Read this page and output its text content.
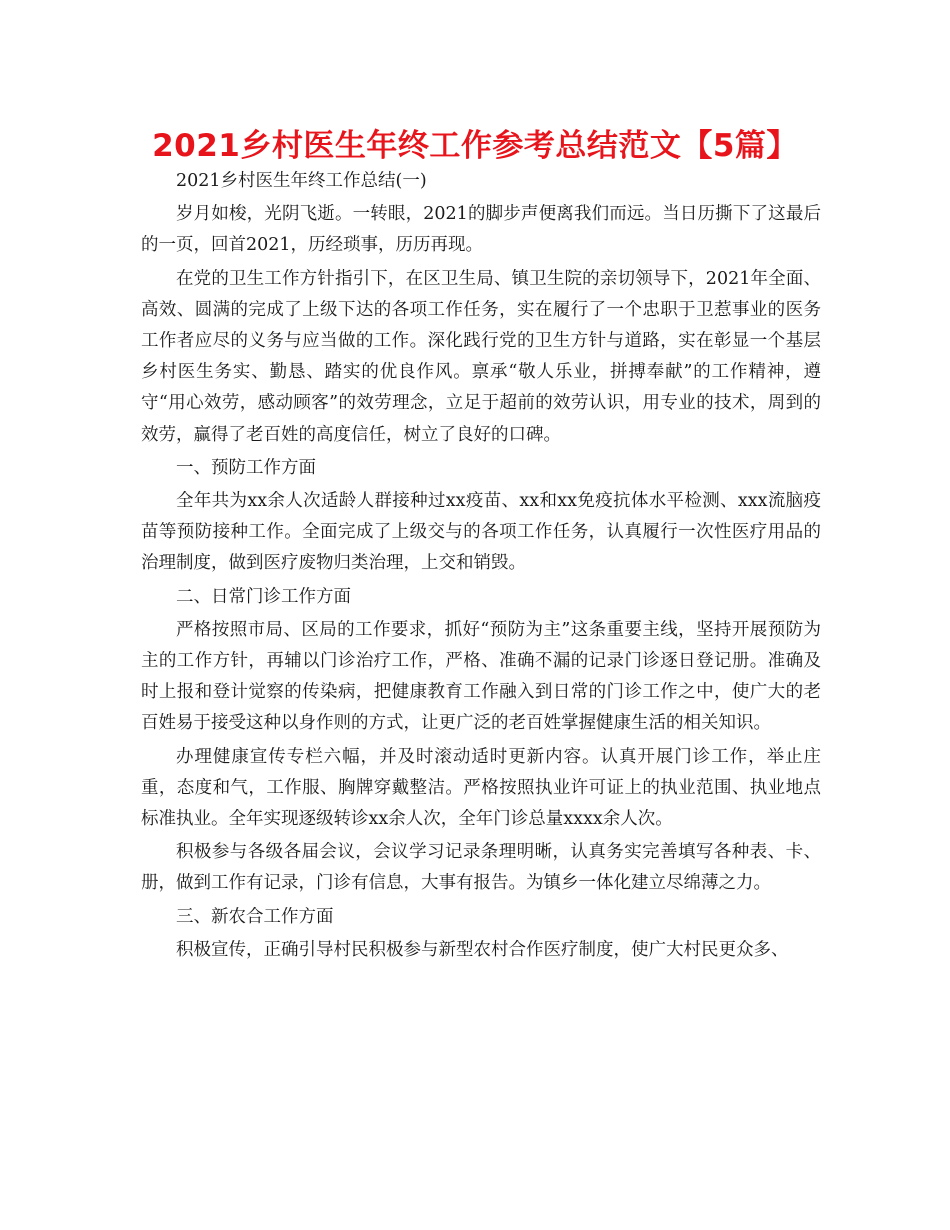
2021乡村医生年终工作参考总结范文【5篇】

2021乡村医生年终工作总结(一)

岁月如梭，光阴飞逝。一转眼，2021的脚步声便离我们而远。当日历撕下了这最后的一页，回首2021，历经琐事，历历再现。

在党的卫生工作方针指引下，在区卫生局、镇卫生院的亲切领导下，2021年全面、高效、圆满的完成了上级下达的各项工作任务，实在履行了一个忠职于卫惹事业的医务工作者应尽的义务与应当做的工作。深化践行党的卫生方针与道路，实在彰显一个基层乡村医生务实、勤恳、踏实的优良作风。禀承“敬人乐业，拼搏奉献”的工作精神，遵守“用心效劳，感动顾客”的效劳理念，立足于超前的效劳认识，用专业的技术，周到的效劳，赢得了老百姓的高度信任，树立了良好的口碑。

一、预防工作方面

全年共为xx余人次适龄人群接种过xx疫苗、xx和xx免疫抗体水平检测、xxx流脑疫苗等预防接种工作。全面完成了上级交与的各项工作任务，认真履行一次性医疗用品的治理制度，做到医疗废物归类治理，上交和销毁。

二、日常门诊工作方面

严格按照市局、区局的工作要求，抓好“预防为主”这条重要主线，坚持开展预防为主的工作方针，再辅以门诊治疗工作，严格、准确不漏的记录门诊逐日登记册。准确及时上报和登计觉察的传染病，把健康教育工作融入到日常的门诊工作之中，使广大的老百姓易于接受这种以身作则的方式，让更广泛的老百姓掌握健康生活的相关知识。

办理健康宣传专栏六幅，并及时滚动适时更新内容。认真开展门诊工作，举止庄重，态度和气，工作服、胸牌穿戴整洁。严格按照执业许可证上的执业范围、执业地点标准执业。全年实现逐级转诊xx余人次，全年门诊总量xxxx余人次。

积极参与各级各届会议，会议学习记录条理明晰，认真务实完善填写各种表、卡、册，做到工作有记录，门诊有信息，大事有报告。为镇乡一体化建立尽绵薄之力。

三、新农合工作方面

积极宣传，正确引导村民积极参与新型农村合作医疗制度，使广大村民更众多、
